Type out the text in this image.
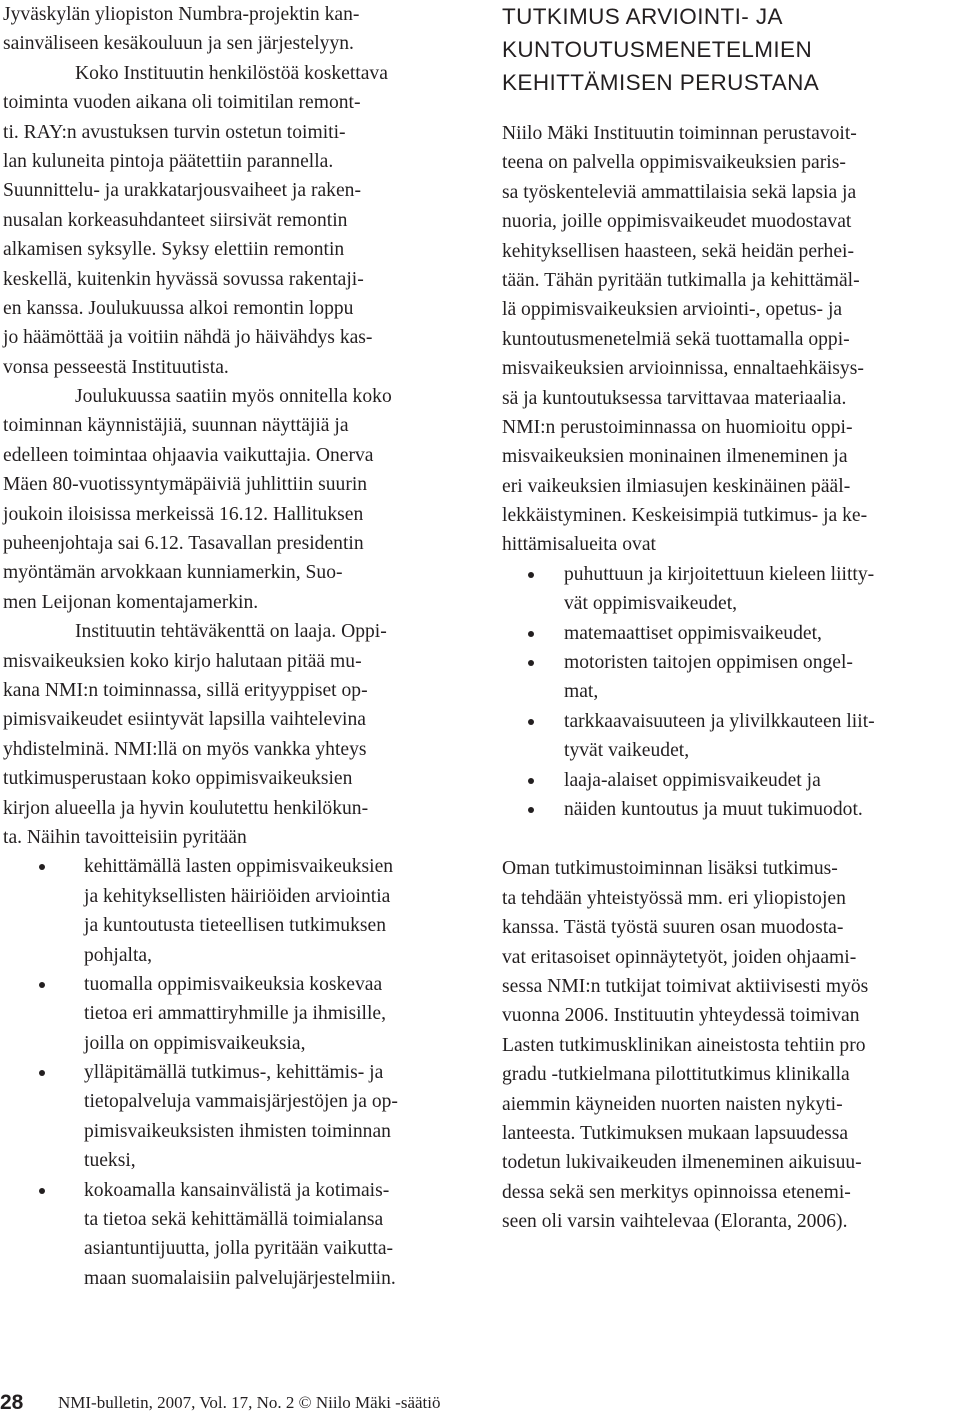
Jyväskylän yliopiston Numbra-projektin kan-
sainväliseen kesäkouluun ja sen järjestelyyn.
Koko Instituutin henkilöstöä koskettava
toiminta vuoden aikana oli toimitilan remont-
ti. RAY:n avustuksen turvin ostetun toimiti-
lan kuluneita pintoja päätettiin parannella.
Suunnittelu- ja urakkatarjousvaiheet ja raken-
nusalan korkeasuhdanteet siirsivät remontin
alkamisen syksylle. Syksy elettiin remontin
keskellä, kuitenkin hyvässä sovussa rakentaji-
en kanssa. Joulukuussa alkoi remontin loppu
jo häämöttää ja voitiin nähdä jo häivähdys kas-
vonsa pesseestä Instituutista.
Joulukuussa saatiin myös onnitella koko
toiminnan käynnistäjiä, suunnan näyttäjiä ja
edelleen toimintaa ohjaavia vaikuttajia. Onerva
Mäen 80-vuotissyntymäpäiviä juhlittiin suurin
joukoin iloisissa merkeissä 16.12. Hallituksen
puheenjohtaja sai 6.12. Tasavallan presidentin
myöntämän arvokkaan kunniamerkin, Suo-
men Leijonan komentajamerkin.
Instituutin tehtäväkenttä on laaja. Oppi-
misvaikeuksien koko kirjo halutaan pitää mu-
kana NMI:n toiminnassa, sillä erityyppiset op-
pimisvaikeudet esiintyvät lapsilla vaihtelevina
yhdistelminä. NMI:llä on myös vankka yhteys
tutkimusperustaan koko oppimisvaikeuksien
kirjon alueella ja hyvin koulutettu henkilökun-
ta. Näihin tavoitteisiin pyritään
kehittämällä lasten oppimisvaikeuksien
ja kehityksellisten häiriöiden arviointia
ja kuntoutusta tieteellisen tutkimuksen
pohjalta,
tuomalla oppimisvaikeuksia koskevaa
tietoa eri ammattiryhmille ja ihmisille,
joilla on oppimisvaikeuksia,
ylläpitämällä tutkimus-, kehittämis- ja
tietopalveluja vammaisjärjestöjen ja op-
pimisvaikeuksisten ihmisten toiminnan
tueksi,
kokoamalla kansainvälistä ja kotimais-
ta tietoa sekä kehittämällä toimialansa
asiantuntijuutta, jolla pyritään vaikutta-
maan suomalaisiin palvelujärjestelmiin.
TUTKIMUS ARVIOINTI- JA
KUNTOUTUSMENETELMIEN
KEHITTÄMISEN PERUSTANA
Niilo Mäki Instituutin toiminnan perustavoit-
teena on palvella oppimisvaikeuksien paris-
sa työskenteleviä ammattilaisia sekä lapsia ja
nuoria, joille oppimisvaikeudet muodostavat
kehityksellisen haasteen, sekä heidän perhei-
tään. Tähän pyritään tutkimalla ja kehittämäl-
lä oppimisvaikeuksien arviointi-, opetus- ja
kuntoutusmenetelmiä sekä tuottamalla oppi-
misvaikeuksien arvioinnissa, ennaltaehkäisys-
sä ja kuntoutuksessa tarvittavaa materiaalia.
NMI:n perustoiminnassa on huomioitu oppi-
misvaikeuksien moninainen ilmeneminen ja
eri vaikeuksien ilmiasujen keskinäinen pääl-
lekkäistyminen. Keskeisimpiä tutkimus- ja ke-
hittämisalueita ovat
puhuttuun ja kirjoitettuun kieleen liitty-
vät oppimisvaikeudet,
matemaattiset oppimisvaikeudet,
motoristen taitojen oppimisen ongel-
mat,
tarkkaavaisuuteen ja ylivilkkauteen liit-
tyvät vaikeudet,
laaja-alaiset oppimisvaikeudet ja
näiden kuntoutus ja muut tukimuodot.
Oman tutkimustoiminnan lisäksi tutkimus-
ta tehdään yhteistyössä mm. eri yliopistojen
kanssa. Tästä työstä suuren osan muodosta-
vat eritasoiset opinnäytetyöt, joiden ohjaami-
sessa NMI:n tutkijat toimivat aktiivisesti myös
vuonna 2006. Instituutin yhteydessä toimivan
Lasten tutkimusklinikan aineistosta tehtiin pro
gradu -tutkielmana pilottitutkimus klinikalla
aiemmin käyneiden nuorten naisten nykyti-
lanteesta. Tutkimuksen mukaan lapsuudessa
todetun lukivaikeuden ilmeneminen aikuisuu-
dessa sekä sen merkitys opinnoissa etenemi-
seen oli varsin vaihtelevaa (Eloranta, 2006).
28 NMI-bulletin, 2007, Vol. 17, No. 2 © Niilo Mäki -säätiö
